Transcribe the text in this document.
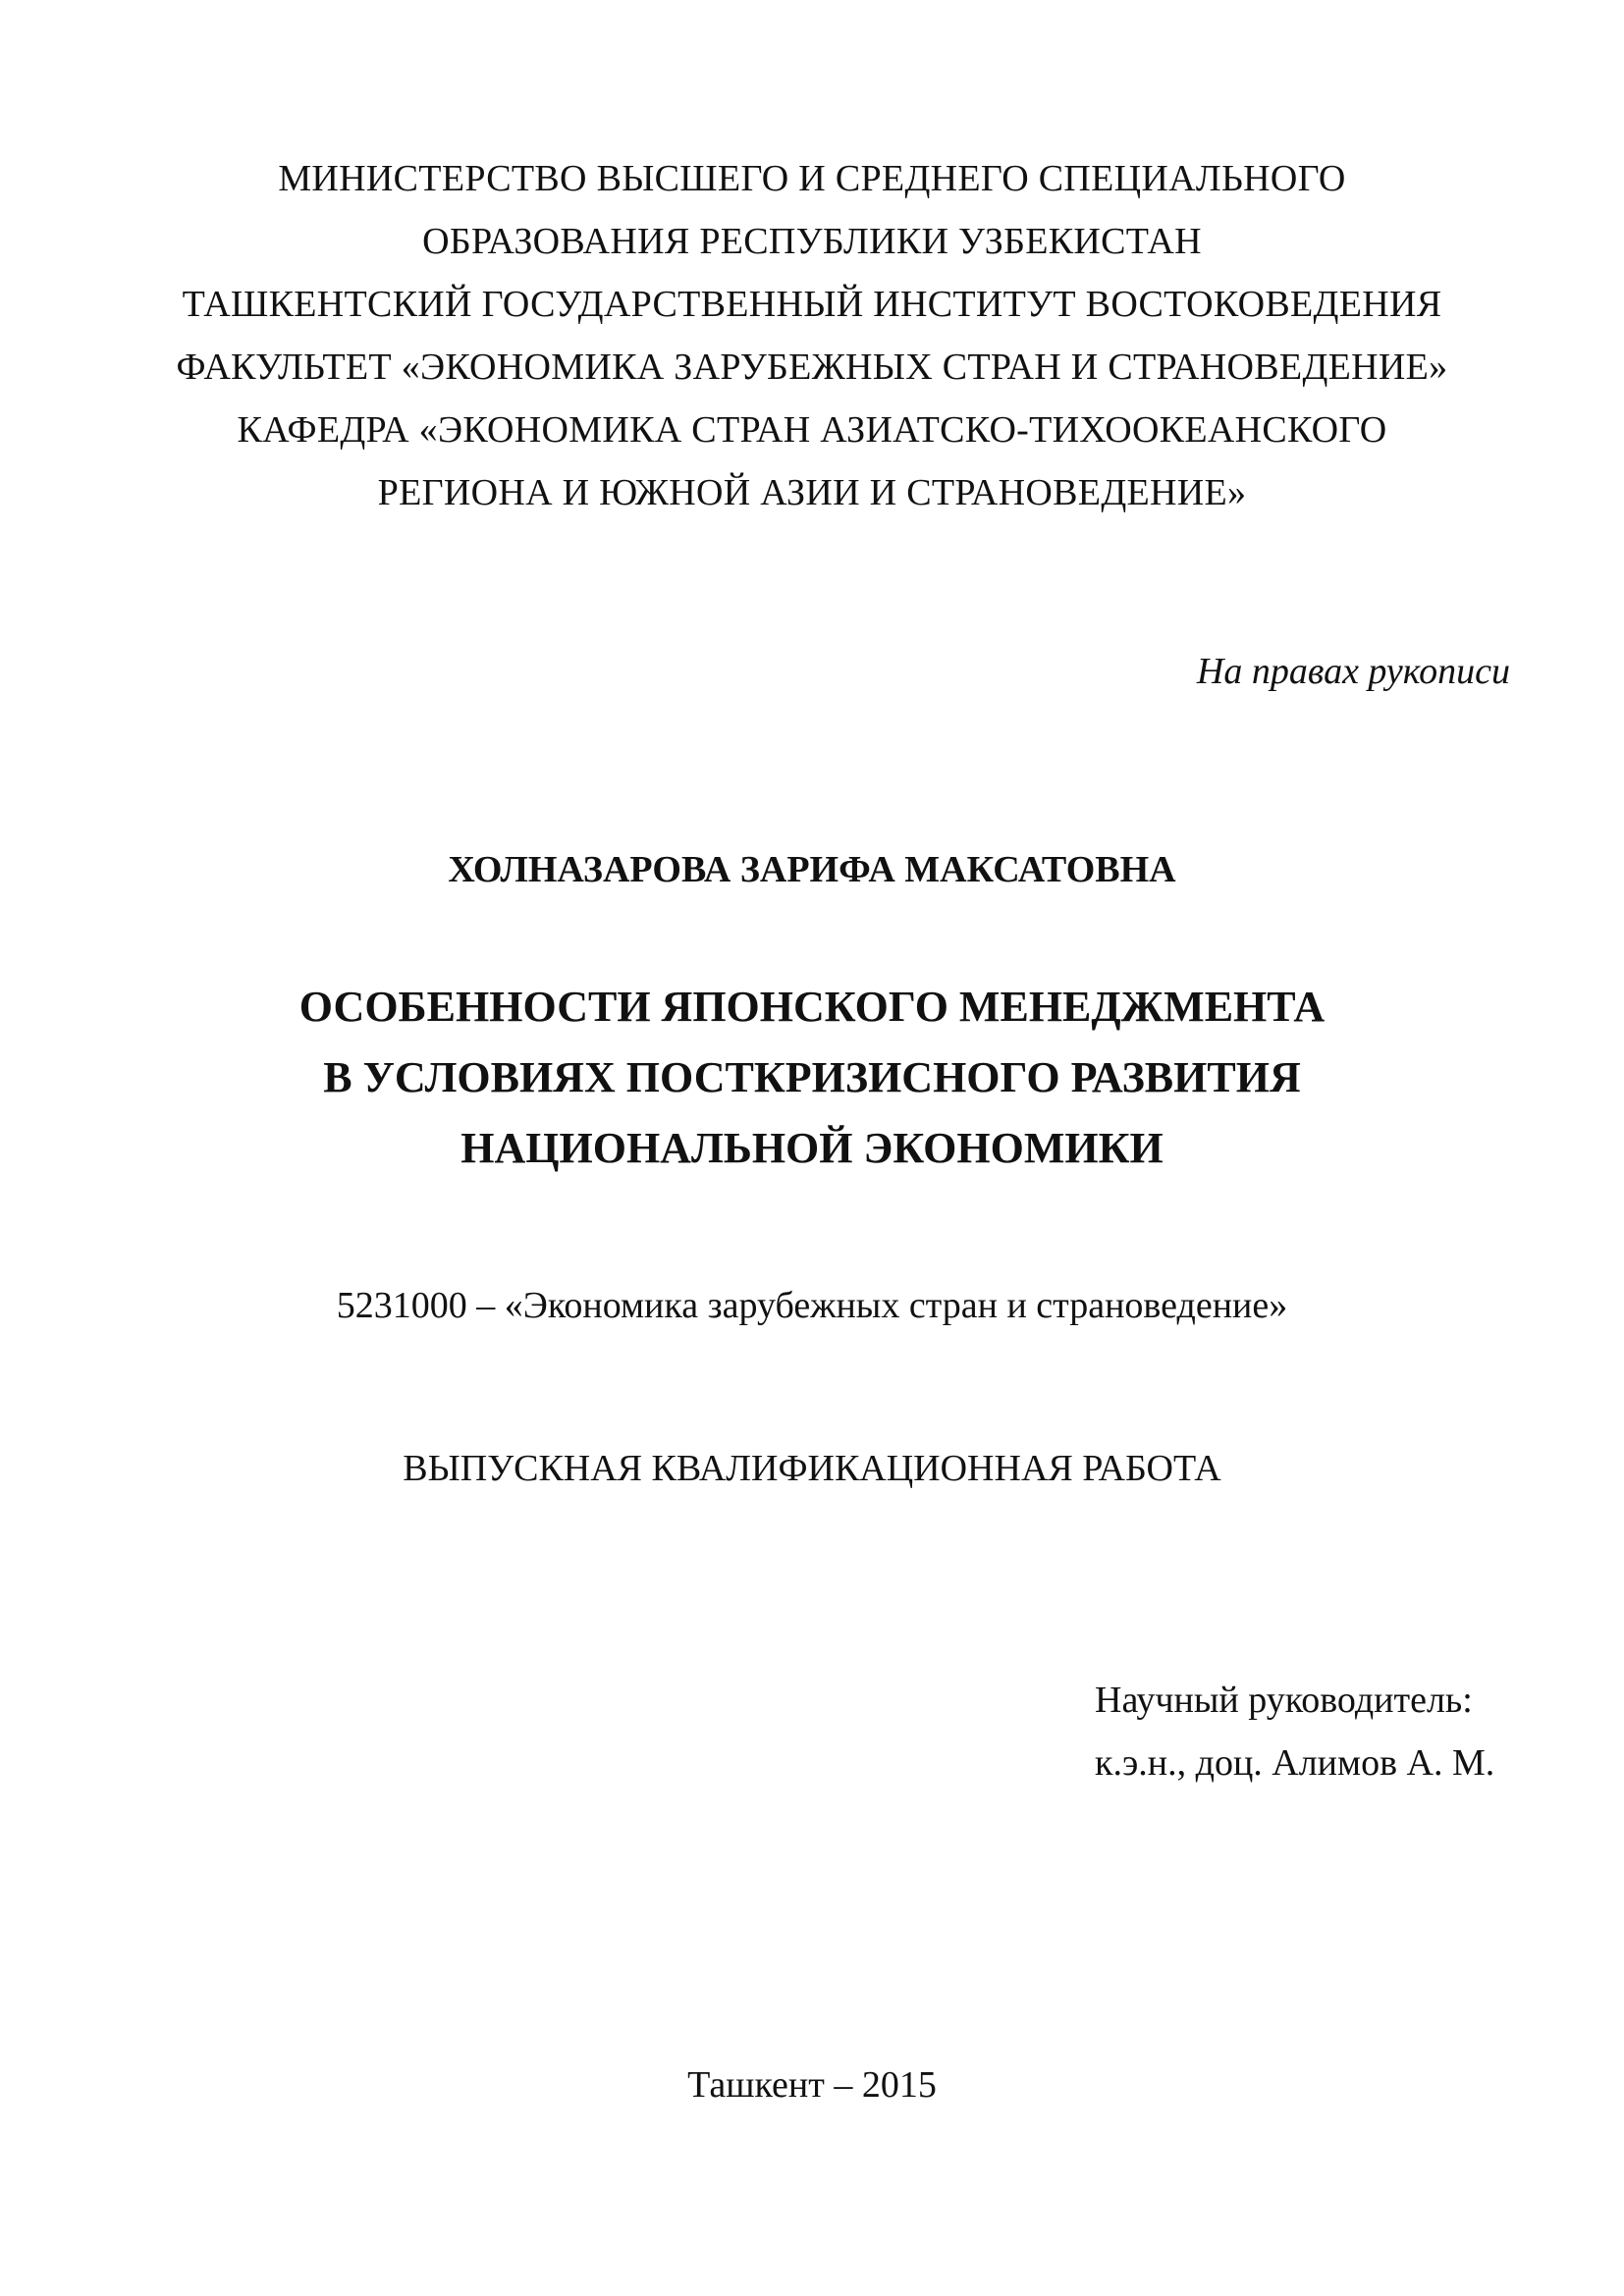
МИНИСТЕРСТВО ВЫСШЕГО И СРЕДНЕГО СПЕЦИАЛЬНОГО
ОБРАЗОВАНИЯ РЕСПУБЛИКИ УЗБЕКИСТАН
ТАШКЕНТСКИЙ ГОСУДАРСТВЕННЫЙ ИНСТИТУТ ВОСТОКОВЕДЕНИЯ
ФАКУЛЬТЕТ «ЭКОНОМИКА ЗАРУБЕЖНЫХ СТРАН И СТРАНОВЕДЕНИЕ»
КАФЕДРА «ЭКОНОМИКА СТРАН АЗИАТСКО-ТИХООКЕАНСКОГО
РЕГИОНА И ЮЖНОЙ АЗИИ И СТРАНОВЕДЕНИЕ»
На правах рукописи
ХОЛНАЗАРОВА ЗАРИФА МАКСАТОВНА
ОСОБЕННОСТИ ЯПОНСКОГО МЕНЕДЖМЕНТА
В УСЛОВИЯХ ПОСТКРИЗИСНОГО РАЗВИТИЯ
НАЦИОНАЛЬНОЙ ЭКОНОМИКИ
5231000 – «Экономика зарубежных стран и страноведение»
ВЫПУСКНАЯ КВАЛИФИКАЦИОННАЯ РАБОТА
Научный руководитель:
к.э.н., доц. Алимов А. М.
Ташкент – 2015
